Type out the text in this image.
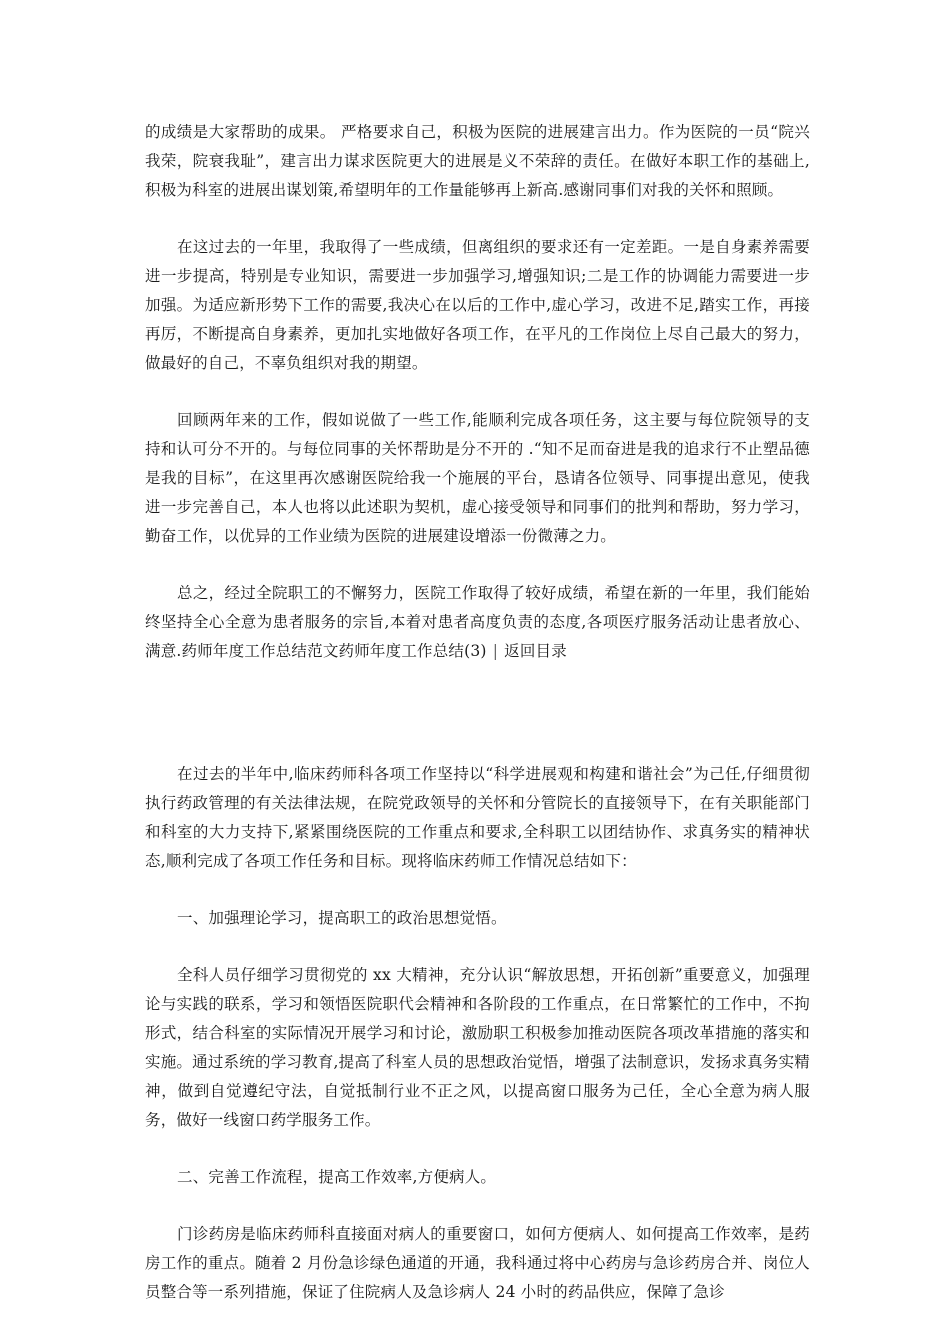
的成绩是大家帮助的成果。 严格要求自己，积极为医院的进展建言出力。作为医院的一员“院兴我荣，院衰我耻”，建言出力谋求医院更大的进展是义不荣辞的责任。在做好本职工作的基础上,积极为科室的进展出谋划策,希望明年的工作量能够再上新高.感谢同事们对我的关怀和照顾。

在这过去的一年里，我取得了一些成绩，但离组织的要求还有一定差距。一是自身素养需要进一步提高，特别是专业知识，需要进一步加强学习,增强知识;二是工作的协调能力需要进一步加强。为适应新形势下工作的需要,我决心在以后的工作中,虚心学习，改进不足,踏实工作，再接再厉，不断提高自身素养，更加扎实地做好各项工作，在平凡的工作岗位上尽自己最大的努力，做最好的自己，不辜负组织对我的期望。

回顾两年来的工作，假如说做了一些工作,能顺利完成各项任务，这主要与每位院领导的支持和认可分不开的。与每位同事的关怀帮助是分不开的 .“知不足而奋进是我的追求行不止塑品德是我的目标”，在这里再次感谢医院给我一个施展的平台，恳请各位领导、同事提出意见，使我进一步完善自己，本人也将以此述职为契机，虚心接受领导和同事们的批判和帮助，努力学习，勤奋工作，以优异的工作业绩为医院的进展建设增添一份微薄之力。

总之，经过全院职工的不懈努力，医院工作取得了较好成绩，希望在新的一年里，我们能始终坚持全心全意为患者服务的宗旨,本着对患者高度负责的态度,各项医疗服务活动让患者放心、满意.药师年度工作总结范文药师年度工作总结(3) | 返回目录

在过去的半年中,临床药师科各项工作坚持以“科学进展观和构建和谐社会”为己任,仔细贯彻执行药政管理的有关法律法规，在院党政领导的关怀和分管院长的直接领导下，在有关职能部门和科室的大力支持下,紧紧围绕医院的工作重点和要求,全科职工以团结协作、求真务实的精神状态,顺利完成了各项工作任务和目标。现将临床药师工作情况总结如下：

一、加强理论学习，提高职工的政治思想觉悟。

全科人员仔细学习贯彻党的 xx 大精神，充分认识“解放思想，开拓创新”重要意义，加强理论与实践的联系，学习和领悟医院职代会精神和各阶段的工作重点，在日常繁忙的工作中，不拘形式，结合科室的实际情况开展学习和讨论，激励职工积极参加推动医院各项改革措施的落实和实施。通过系统的学习教育,提高了科室人员的思想政治觉悟，增强了法制意识，发扬求真务实精神，做到自觉遵纪守法，自觉抵制行业不正之风，以提高窗口服务为己任，全心全意为病人服务，做好一线窗口药学服务工作。

二、完善工作流程，提高工作效率,方便病人。

门诊药房是临床药师科直接面对病人的重要窗口，如何方便病人、如何提高工作效率，是药房工作的重点。随着 2 月份急诊绿色通道的开通，我科通过将中心药房与急诊药房合并、岗位人员整合等一系列措施，保证了住院病人及急诊病人 24 小时的药品供应，保障了急诊
